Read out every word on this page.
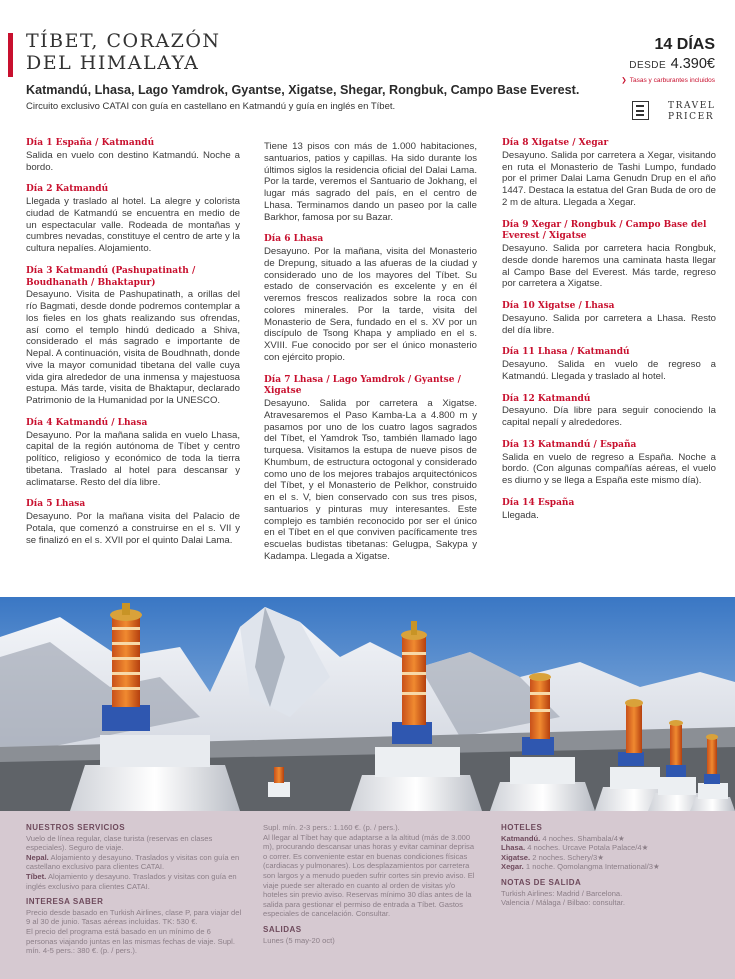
TÍBET, CORAZÓN
DEL HIMALAYA
Katmandú, Lhasa, Lago Yamdrok, Gyantse, Xigatse, Shegar, Rongbuk, Campo Base Everest.
Circuito exclusivo CATAI con guía en castellano en Katmandú y guía en inglés en Tíbet.
14 DÍAS
DESDE 4.390€
❯ Tasas y carburantes incluidos
TRAVEL
PRICER
Día 1 España / Katmandú

Salida en vuelo con destino Katmandú. Noche a bordo.

Día 2 Katmandú

Llegada y traslado al hotel. La alegre y colorista ciudad de Katmandú se encuentra en medio de un espectacular valle. Rodeada de montañas y cumbres nevadas, constituye el centro de arte y la cultura nepalíes. Alojamiento.

Día 3 Katmandú (Pashupatinath / Boudhanath / Bhaktapur)

Desayuno. Visita de Pashupatinath, a orillas del río Bagmati, desde donde podremos contemplar a los fieles en los ghats realizando sus ofrendas, así como el templo hindú dedicado a Shiva, considerado el más sagrado e importante de Nepal. A continuación, visita de Boudhnath, donde vive la mayor comunidad tibetana del valle cuya vida gira alrededor de una inmensa y majestuosa estupa. Más tarde, visita de Bhaktapur, declarado Patrimonio de la Humanidad por la UNESCO.

Día 4 Katmandú / Lhasa

Desayuno. Por la mañana salida en vuelo Lhasa, capital de la región autónoma de Tíbet y centro político, religioso y económico de toda la tierra tibetana. Traslado al hotel para descansar y aclimatarse. Resto del día libre.

Día 5 Lhasa

Desayuno. Por la mañana visita del Palacio de Potala, que comenzó a construirse en el s. VII y se finalizó en el s. XVII por el quinto Dalai Lama.

Tiene 13 pisos con más de 1.000 habitaciones, santuarios, patios y capillas. Ha sido durante los últimos siglos la residencia oficial del Dalai Lama. Por la tarde, veremos el Santuario de Jokhang, el lugar más sagrado del país, en el centro de Lhasa. Terminamos dando un paseo por la calle Barkhor, famosa por su Bazar.

Día 6 Lhasa

Desayuno. Por la mañana, visita del Monasterio de Drepung, situado a las afueras de la ciudad y considerado uno de los mayores del Tíbet. Su estado de conservación es excelente y en él veremos frescos realizados sobre la roca con colores minerales. Por la tarde, visita del Monasterio de Sera, fundado en el s. XV por un discípulo de Tsong Khapa y ampliado en el s. XVIII. Fue conocido por ser el único monasterio con ejército propio.

Día 7 Lhasa / Lago Yamdrok / Gyantse / Xigatse

Desayuno. Salida por carretera a Xigatse. Atravesaremos el Paso Kamba-La a 4.800 m y pasamos por uno de los cuatro lagos sagrados del Tíbet, el Yamdrok Tso, también llamado lago turquesa. Visitamos la estupa de nueve pisos de Khumbum, de estructura octogonal y considerado como uno de los mejores trabajos arquitectónicos del Tíbet, y el Monasterio de Pelkhor, construido en el s. V, bien conservado con sus tres pisos, santuarios y pinturas muy interesantes. Este complejo es también reconocido por ser el único en el Tíbet en el que conviven pacíficamente tres escuelas budistas tibetanas: Gelugpa, Sakypa y Kadampa. Llegada a Xigatse.

Día 8 Xigatse / Xegar

Desayuno. Salida por carretera a Xegar, visitando en ruta el Monasterio de Tashi Lumpo, fundado por el primer Dalai Lama Genudn Drup en el año 1447. Destaca la estatua del Gran Buda de oro de 2 m de altura. Llegada a Xegar.

Día 9 Xegar / Rongbuk / Campo Base del Everest / Xigatse

Desayuno. Salida por carretera hacia Rongbuk, desde donde haremos una caminata hasta llegar al Campo Base del Everest. Más tarde, regreso por carretera a Xigatse.

Día 10 Xigatse / Lhasa

Desayuno. Salida por carretera a Lhasa. Resto del día libre.

Día 11 Lhasa / Katmandú

Desayuno. Salida en vuelo de regreso a Katmandú. Llegada y traslado al hotel.

Día 12 Katmandú

Desayuno. Día libre para seguir conociendo la capital nepalí y alrededores.

Día 13 Katmandú / España

Salida en vuelo de regreso a España. Noche a bordo. (Con algunas compañías aéreas, el vuelo es diurno y se llega a España este mismo día).

Día 14 España

Llegada.

NUESTROS SERVICIOS
Vuelo de línea regular, clase turista (reservas en clases especiales). Seguro de viaje.
Nepal. Alojamiento y desayuno. Traslados y visitas con guía en castellano exclusivo para clientes CATAI.
Tíbet. Alojamiento y desayuno. Traslados y visitas con guía en inglés exclusivo para clientes CATAI.
INTERESA SABER
Precio desde basado en Turkish Airlines, clase P, para viajar del 9 al 30 de junio. Tasas aéreas incluidas. TK: 530 €.
El precio del programa está basado en un mínimo de 6 personas viajando juntas en las mismas fechas de viaje. Supl. mín. 4-5 pers.: 380 €. (p. / pers.).
Supl. mín. 2-3 pers.: 1.160 €. (p. / pers.).
Al llegar al Tíbet hay que adaptarse a la altitud (más de 3.000 m), procurando descansar unas horas y evitar caminar deprisa o correr. Es conveniente estar en buenas condiciones físicas (cardiacas y pulmonares). Los desplazamientos por carretera son largos y a menudo pueden sufrir cortes sin previo aviso. El viaje puede ser alterado en cuanto al orden de visitas y/o hoteles sin previo aviso. Reservas mínimo 30 días antes de la salida para gestionar el permiso de entrada a Tíbet. Gastos especiales de cancelación. Consultar.
SALIDAS
Lunes (5 may-20 oct)
HOTELES
Katmandú. 4 noches. Shambala/4★
Lhasa. 4 noches. Urcave Potala Palace/4★
Xigatse. 2 noches. Schery/3★
Xegar. 1 noche. Qomolangma International/3★
NOTAS DE SALIDA
Turkish Airlines: Madrid / Barcelona.
Valencia / Málaga / Bilbao: consultar.
